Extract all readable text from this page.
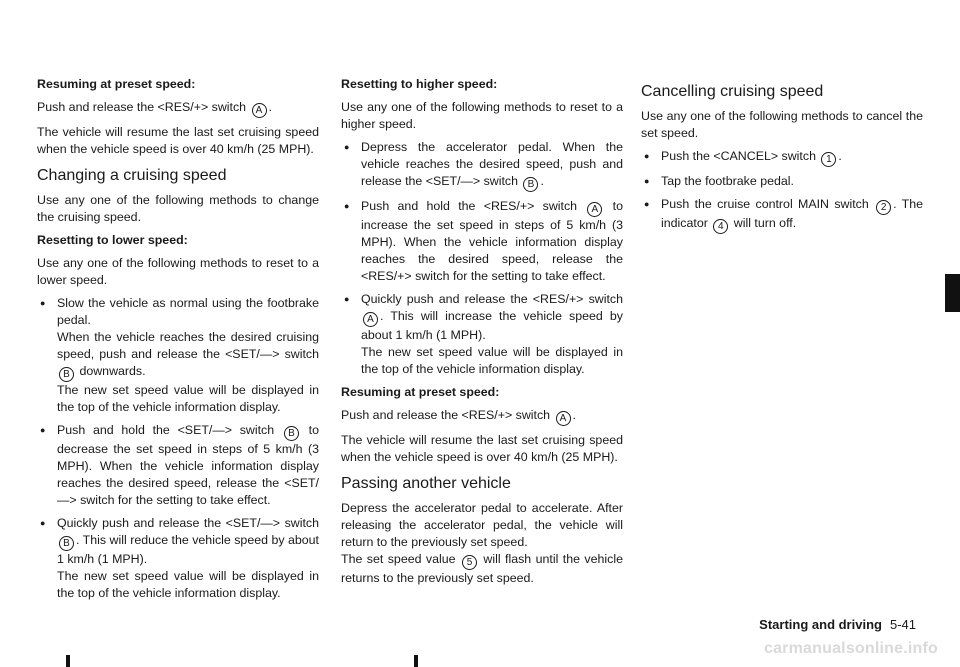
Resuming at preset speed:

Push and release the <RES/+> switch A .

The vehicle will resume the last set cruising speed when the vehicle speed is over 40 km/h (25 MPH).

Changing a cruising speed

Use any one of the following methods to change the cruising speed.

Resetting to lower speed:

Use any one of the following methods to reset to a lower speed.

● Slow the vehicle as normal using the footbrake pedal.
When the vehicle reaches the desired cruising speed, push and release the <SET/—> switch B downwards.
The new set speed value will be displayed in the top of the vehicle information display.
● Push and hold the <SET/—> switch B to decrease the set speed in steps of 5 km/h (3 MPH). When the vehicle information display reaches the desired speed, release the <SET/—> switch for the setting to take effect.
● Quickly push and release the <SET/—> switch B . This will reduce the vehicle speed by about 1 km/h (1 MPH).
The new set speed value will be displayed in the top of the vehicle information display.

Resetting to higher speed:

Use any one of the following methods to reset to a higher speed.

● Depress the accelerator pedal. When the vehicle reaches the desired speed, push and release the <SET/—> switch B .
● Push and hold the <RES/+> switch A to increase the set speed in steps of 5 km/h (3 MPH). When the vehicle information display reaches the desired speed, release the <RES/+> switch for the setting to take effect.
● Quickly push and release the <RES/+> switch A . This will increase the vehicle speed by about 1 km/h (1 MPH).
The new set speed value will be displayed in the top of the vehicle information display.

Resuming at preset speed:

Push and release the <RES/+> switch A .

The vehicle will resume the last set cruising speed when the vehicle speed is over 40 km/h (25 MPH).

Passing another vehicle

Depress the accelerator pedal to accelerate. After releasing the accelerator pedal, the vehicle will return to the previously set speed.

The set speed value 5 will flash until the vehicle returns to the previously set speed.

Cancelling cruising speed

Use any one of the following methods to cancel the set speed.

● Push the <CANCEL> switch 1 .
● Tap the footbrake pedal.
● Push the cruise control MAIN switch 2 . The indicator 4 will turn off.
Starting and driving 5-41
carmanualsonline.info
